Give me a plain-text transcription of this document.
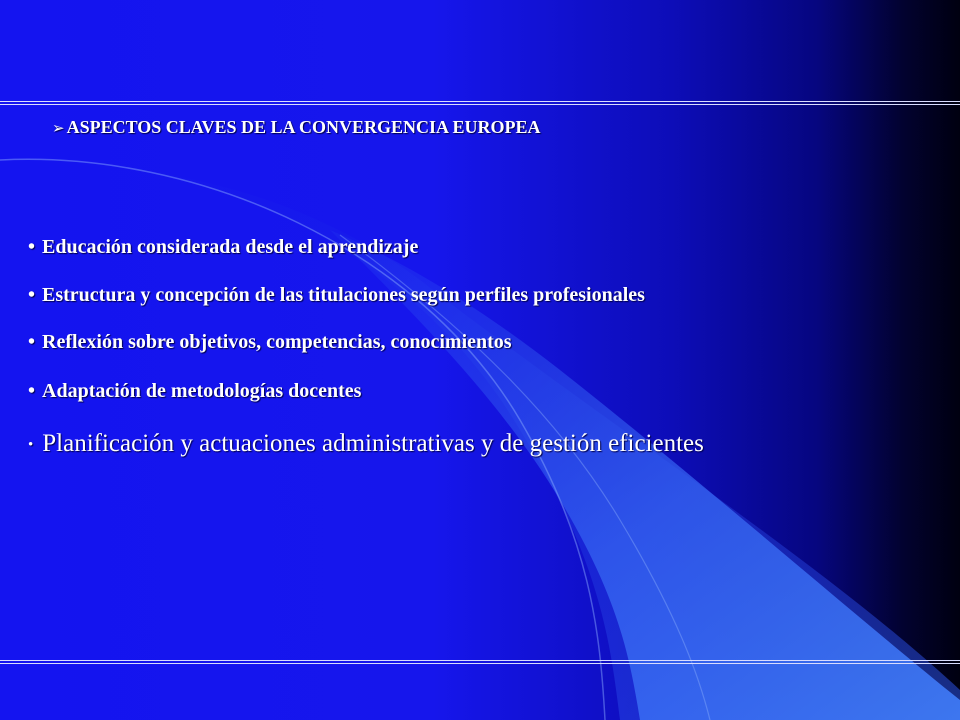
➢ ASPECTOS CLAVES DE LA CONVERGENCIA EUROPEA
• Educación considerada desde el aprendizaje
• Estructura y concepción de las titulaciones según perfiles profesionales
• Reflexión sobre objetivos, competencias, conocimientos
• Adaptación de metodologías docentes
• Planificación y actuaciones administrativas y de gestión eficientes
